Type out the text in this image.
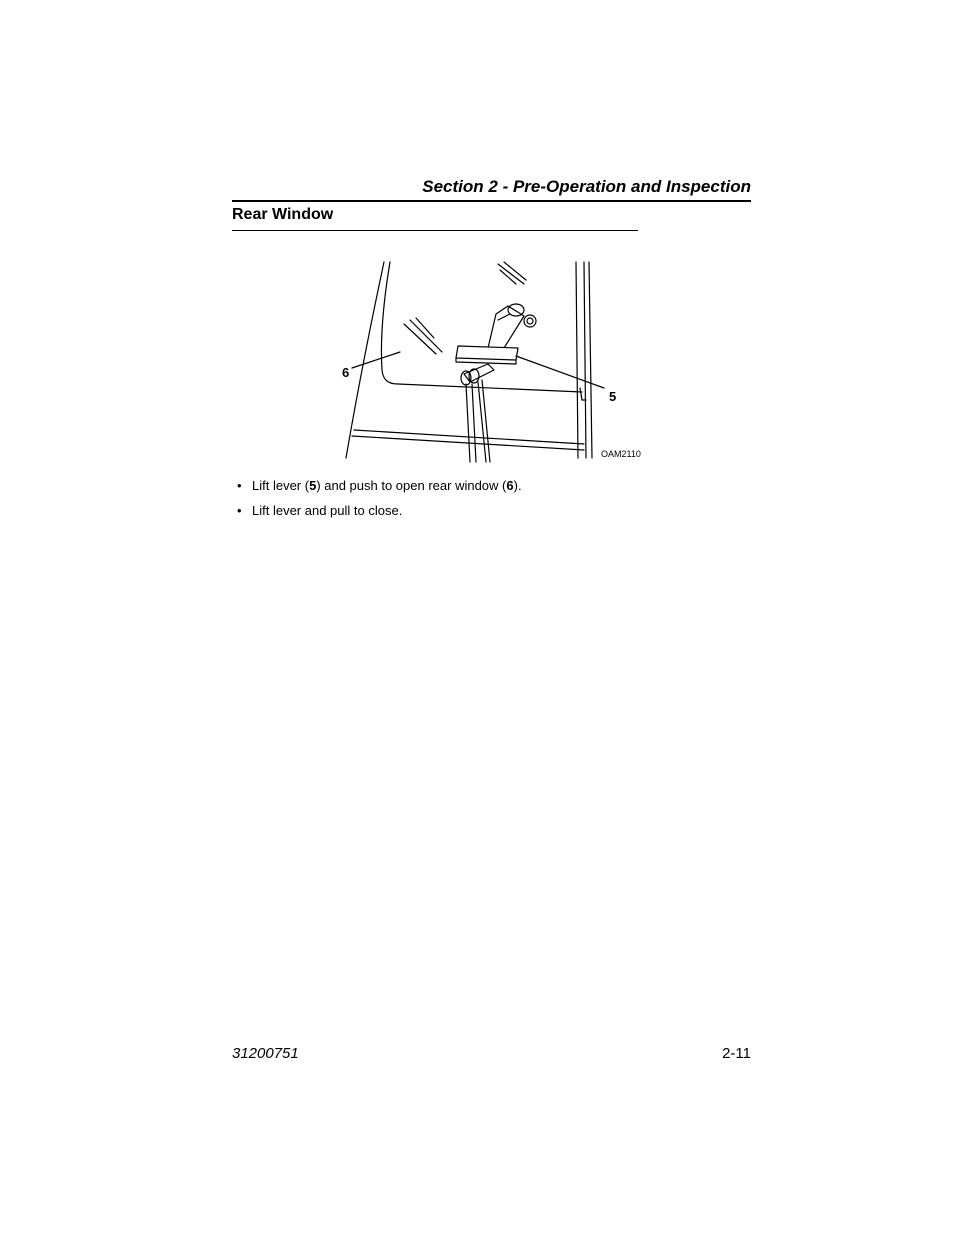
Section 2 - Pre-Operation and Inspection
Rear Window
6
5
OAM2110
• Lift lever (5) and push to open rear window (6).
• Lift lever and pull to close.
31200751	2-11
